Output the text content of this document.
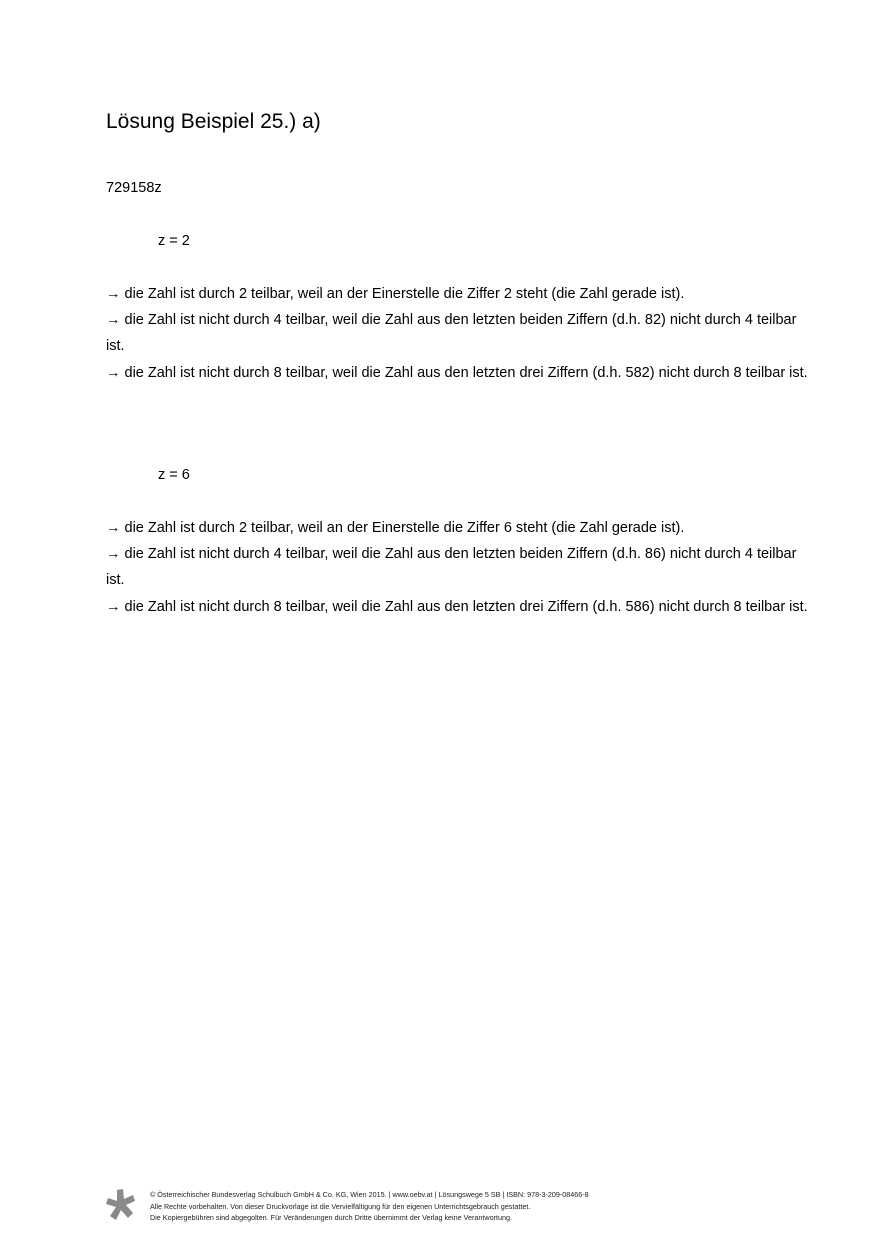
Lösung Beispiel 25.) a)
729158z
z = 2
→ die Zahl ist durch 2 teilbar, weil an der Einerstelle die Ziffer 2 steht (die Zahl gerade ist).
→ die Zahl ist nicht durch 4 teilbar, weil die Zahl aus den letzten beiden Ziffern (d.h. 82) nicht durch 4 teilbar ist.
→ die Zahl ist nicht durch 8 teilbar, weil die Zahl aus den letzten drei Ziffern (d.h. 582) nicht durch 8 teilbar ist.
z = 6
→ die Zahl ist durch 2 teilbar, weil an der Einerstelle die Ziffer 6 steht (die Zahl gerade ist).
→ die Zahl ist nicht durch 4 teilbar, weil die Zahl aus den letzten beiden Ziffern (d.h. 86) nicht durch 4 teilbar ist.
→ die Zahl ist nicht durch 8 teilbar, weil die Zahl aus den letzten drei Ziffern (d.h. 586) nicht durch 8 teilbar ist.
© Österreichischer Bundesverlag Schulbuch GmbH & Co. KG, Wien 2015. | www.oebv.at | Lösungswege 5 SB | ISBN: 978-3-209-08466-8
Alle Rechte vorbehalten. Von dieser Druckvorlage ist die Vervielfältigung für den eigenen Unterrichtsgebrauch gestattet.
Die Kopiergebühren sind abgegolten. Für Veränderungen durch Dritte übernimmt der Verlag keine Verantwortung.
